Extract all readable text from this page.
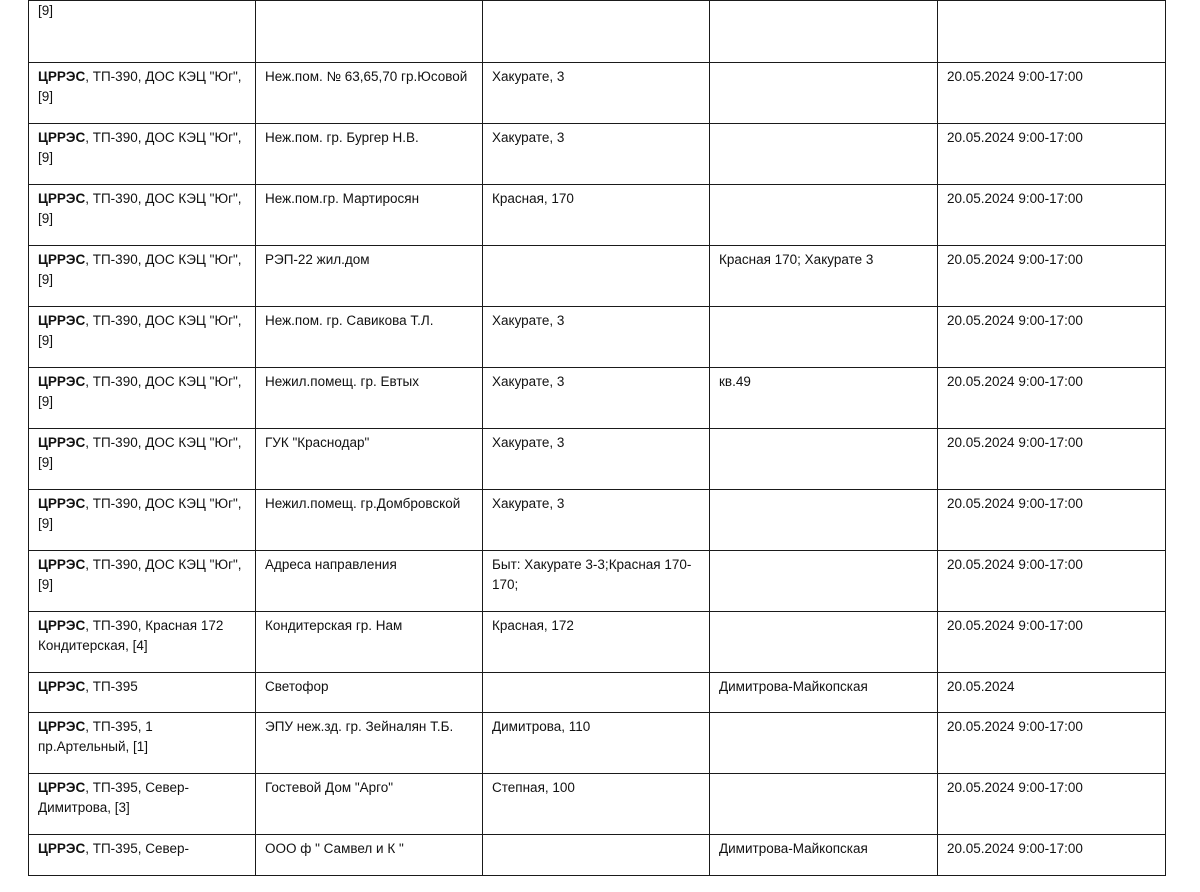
[9]				
ЦРРЭС, ТП-390, ДОС КЭЦ "Юг", [9]	Неж.пом. № 63,65,70 гр.Юсовой	Хакурате, 3		20.05.2024 9:00-17:00
ЦРРЭС, ТП-390, ДОС КЭЦ "Юг", [9]	Неж.пом. гр. Бургер Н.В.	Хакурате, 3		20.05.2024 9:00-17:00
ЦРРЭС, ТП-390, ДОС КЭЦ "Юг", [9]	Неж.пом.гр. Мартиросян	Красная, 170		20.05.2024 9:00-17:00
ЦРРЭС, ТП-390, ДОС КЭЦ "Юг", [9]	РЭП-22 жил.дом		Красная 170; Хакурате 3	20.05.2024 9:00-17:00
ЦРРЭС, ТП-390, ДОС КЭЦ "Юг", [9]	Неж.пом. гр. Савикова Т.Л.	Хакурате, 3		20.05.2024 9:00-17:00
ЦРРЭС, ТП-390, ДОС КЭЦ "Юг", [9]	Нежил.помещ. гр. Евтых	Хакурате, 3	кв.49	20.05.2024 9:00-17:00
ЦРРЭС, ТП-390, ДОС КЭЦ "Юг", [9]	ГУК "Краснодар"	Хакурате, 3		20.05.2024 9:00-17:00
ЦРРЭС, ТП-390, ДОС КЭЦ "Юг", [9]	Нежил.помещ. гр.Домбровской	Хакурате, 3		20.05.2024 9:00-17:00
ЦРРЭС, ТП-390, ДОС КЭЦ "Юг", [9]	Адреса направления	Быт: Хакурате 3-3;Красная 170-170;		20.05.2024 9:00-17:00
ЦРРЭС, ТП-390, Красная 172 Кондитерская, [4]	Кондитерская гр. Нам	Красная, 172		20.05.2024 9:00-17:00
ЦРРЭС, ТП-395	Светофор		Димитрова-Майкопская	20.05.2024
ЦРРЭС, ТП-395, 1 пр.Артельный, [1]	ЭПУ неж.зд. гр. Зейналян Т.Б.	Димитрова, 110		20.05.2024 9:00-17:00
ЦРРЭС, ТП-395, Север-Димитрова, [3]	Гостевой Дом "Арго"	Степная, 100		20.05.2024 9:00-17:00
ЦРРЭС, ТП-395, Север-	ООО ф " Самвел и К "		Димитрова-Майкопская	20.05.2024 9:00-17:00
